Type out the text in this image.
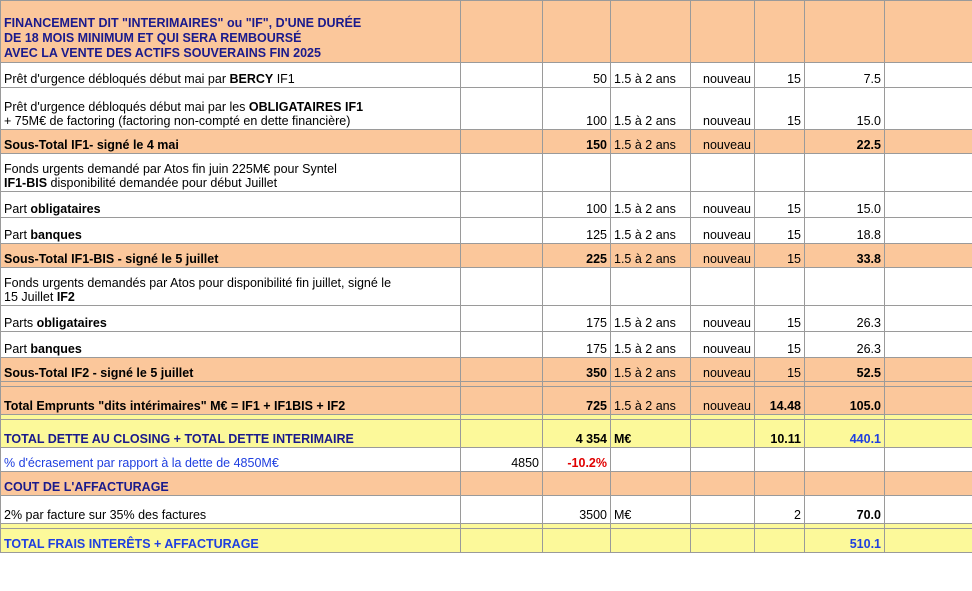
FINANCEMENT DIT "INTERIMAIRES" ou "IF", D'UNE DURÉE
DE 18 MOIS MINIMUM ET QUI SERA REMBOURSÉ
AVEC LA VENTE DES ACTIFS SOUVERAINS FIN 2025							

Prêt d'urgence débloqués début mai par BERCY IF1		50	1.5 à 2 ans	nouveau	15	7.5	

Prêt d'urgence débloqués début mai par les OBLIGATAIRES IF1
+ 75M€ de factoring (factoring non-compté en dette financière)		100	1.5 à 2 ans	nouveau	15	15.0	
Sous-Total IF1- signé le 4 mai		150	1.5 à 2 ans	nouveau		22.5	

Fonds urgents demandé par Atos fin juin 225M€ pour Syntel
IF1-BIS disponibilité demandée pour début Juillet							

Part obligataires		100	1.5 à 2 ans	nouveau	15	15.0	
Part banques		125	1.5 à 2 ans	nouveau	15	18.8	
Sous-Total IF1-BIS - signé le 5 juillet		225	1.5 à 2 ans	nouveau	15	33.8	

Fonds urgents demandés par Atos pour disponibilité fin juillet, signé le
15 Juillet IF2							

Parts obligataires		175	1.5 à 2 ans	nouveau	15	26.3	
Part banques		175	1.5 à 2 ans	nouveau	15	26.3	
Sous-Total IF2 - signé le 5 juillet		350	1.5 à 2 ans	nouveau	15	52.5	

Total Emprunts "dits intérimaires" M€ = IF1 + IF1BIS + IF2		725	1.5 à 2 ans	nouveau	14.48	105.0	

TOTAL DETTE AU CLOSING + TOTAL DETTE INTERIMAIRE		4 354	M€		10.11	440.1	
% d'écrasement par rapport à la dette de 4850M€	4850	-10.2%					
COUT DE L'AFFACTURAGE							
2% par facture sur 35% des factures		3500	M€		2	70.0	

TOTAL FRAIS INTERÊTS + AFFACTURAGE						510.1	
